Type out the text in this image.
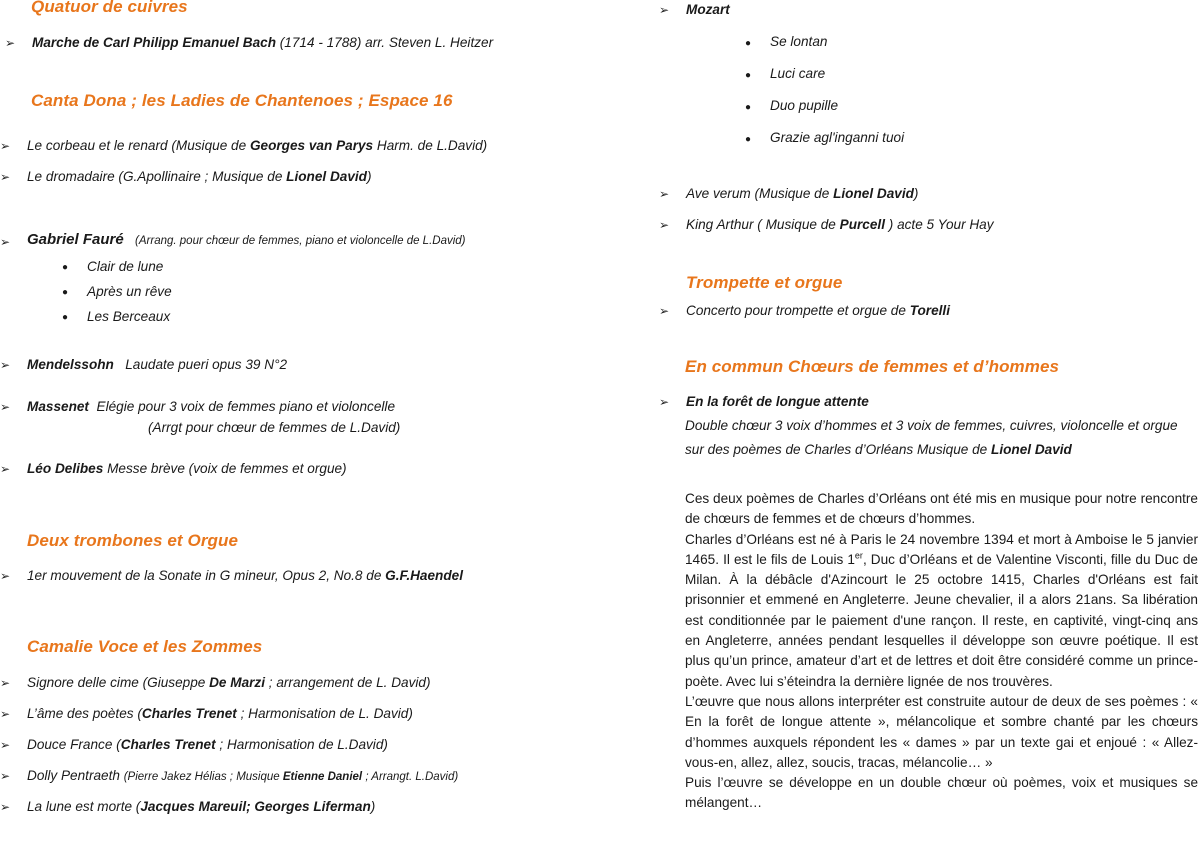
Quatuor de cuivres
➢ Marche de Carl Philipp Emanuel Bach (1714 - 1788) arr. Steven L. Heitzer
Canta Dona ; les Ladies de Chantenoes ; Espace 16
➢ Le corbeau et le renard (Musique de Georges van Parys Harm. de L.David)
➢ Le dromadaire (G.Apollinaire ; Musique de Lionel David)
➢ Gabriel Fauré (Arrang. pour chœur de femmes, piano et violoncelle de L.David)
● Clair de lune
● Après un rêve
● Les Berceaux
➢ Mendelssohn Laudate pueri opus 39 N°2
➢ Massenet Elégie pour 3 voix de femmes piano et violoncelle
(Arrgt pour chœur de femmes de L.David)
➢ Léo Delibes Messe brève (voix de femmes et orgue)
Deux trombones et Orgue
➢ 1er mouvement de la Sonate in G mineur, Opus 2, No.8 de G.F.Haendel
Camalie Voce et les Zommes
➢ Signore delle cime (Giuseppe De Marzi ; arrangement de L. David)
➢ L’âme des poètes (Charles Trenet ; Harmonisation de L. David)
➢ Douce France (Charles Trenet ; Harmonisation de L.David)
➢ Dolly Pentraeth (Pierre Jakez Hélias ; Musique Etienne Daniel ; Arrangt. L.David)
➢ La lune est morte (Jacques Mareuil; Georges Liferman)
➢ Mozart
● Se lontan
● Luci care
● Duo pupille
● Grazie agl'inganni tuoi
➢ Ave verum (Musique de Lionel David)
➢ King Arthur ( Musique de Purcell ) acte 5 Your Hay
Trompette et orgue
➢ Concerto pour trompette et orgue de Torelli
En commun Chœurs de femmes et d’hommes
➢ En la forêt de longue attente
Double chœur 3 voix d’hommes et 3 voix de femmes, cuivres, violoncelle et orgue
sur des poèmes de Charles d’Orléans Musique de Lionel David

Ces deux poèmes de Charles d’Orléans ont été mis en musique pour notre rencontre de chœurs de femmes et de chœurs d’hommes.

Charles d’Orléans est né à Paris le 24 novembre 1394 et mort à Amboise le 5 janvier 1465. Il est le fils de Louis 1er, Duc d’Orléans et de Valentine Visconti, fille du Duc de Milan. À la débâcle d'Azincourt le 25 octobre 1415, Charles d'Orléans est fait prisonnier et emmené en Angleterre. Jeune chevalier, il a alors 21ans. Sa libération est conditionnée par le paiement d'une rançon. Il reste, en captivité, vingt-cinq ans en Angleterre, années pendant lesquelles il développe son œuvre poétique. Il est plus qu’un prince, amateur d’art et de lettres et doit être considéré comme un prince-poète. Avec lui s’éteindra la dernière lignée de nos trouvères.

L’œuvre que nous allons interpréter est construite autour de deux de ses poèmes : « En la forêt de longue attente », mélancolique et sombre chanté par les chœurs d’hommes auxquels répondent les « dames » par un texte gai et enjoué : « Allez-vous-en, allez, allez, soucis, tracas, mélancolie… »

Puis l’œuvre se développe en un double chœur où poèmes, voix et musiques se mélangent…
